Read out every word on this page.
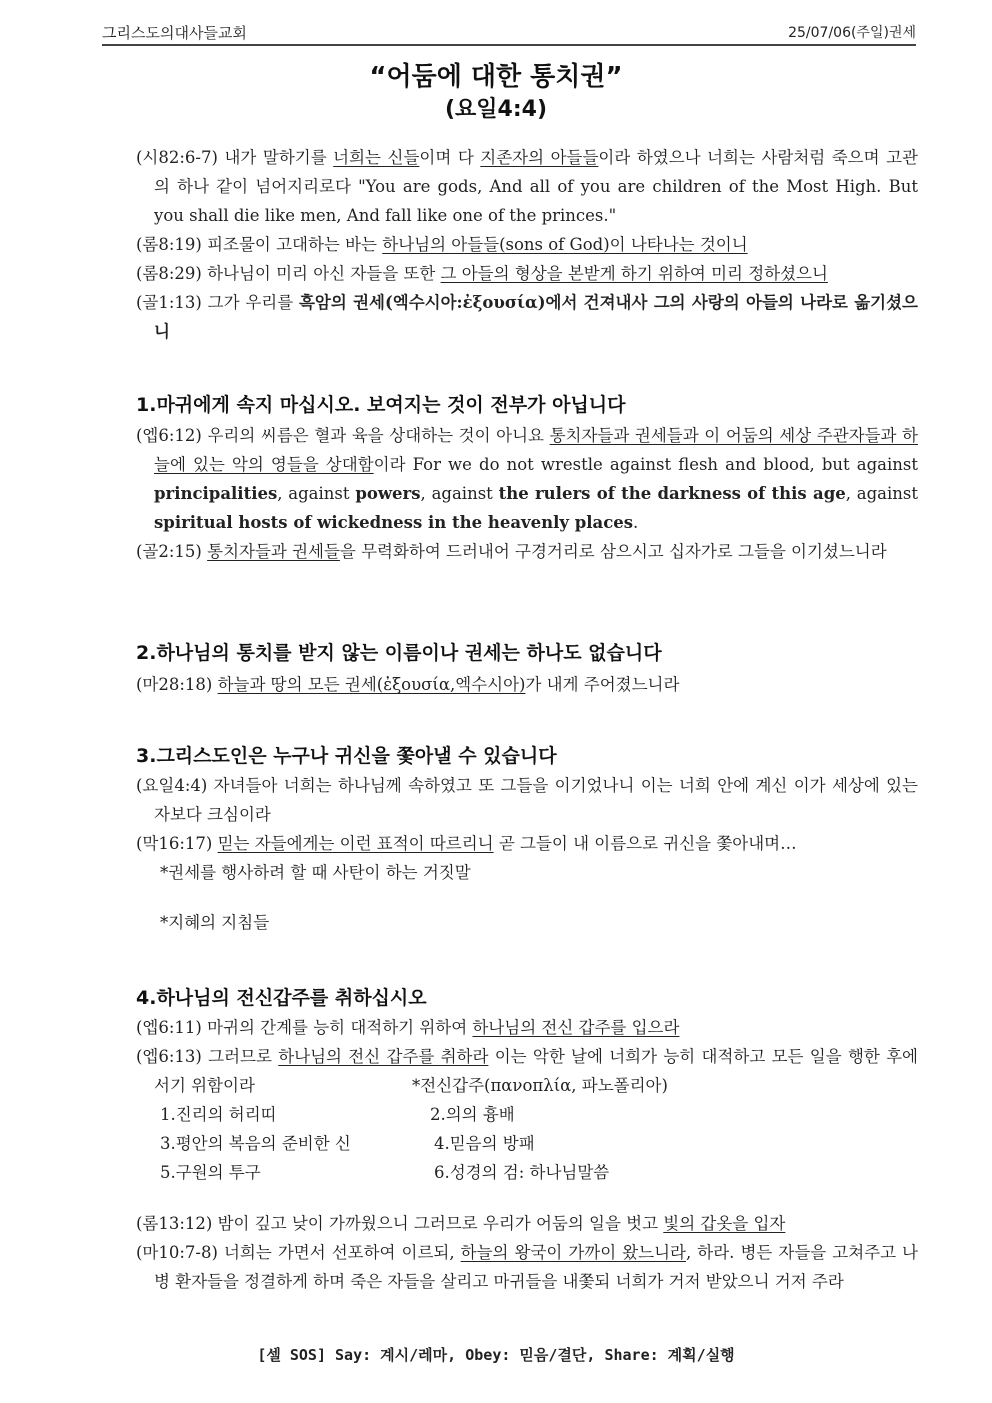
그리스도의대사들교회	25/07/06(주일)권세
“어둠에 대한 통치권”
(요일4:4)

(시82:6-7) 내가 말하기를 너희는 신들이며 다 지존자의 아들들이라 하였으나 너희는 사람처럼 죽으며 고관의 하나 같이 넘어지리로다 "You are gods, And all of you are children of the Most High. But you shall die like men, And fall like one of the princes."

(롬8:19) 피조물이 고대하는 바는 하나님의 아들들(sons of God)이 나타나는 것이니

(롬8:29) 하나님이 미리 아신 자들을 또한 그 아들의 형상을 본받게 하기 위하여 미리 정하셨으니

(골1:13) 그가 우리를 흑암의 권세(엑수시아:ἐξουσία)에서 건져내사 그의 사랑의 아들의 나라로 옮기셨으니

1.마귀에게 속지 마십시오. 보여지는 것이 전부가 아닙니다

(엡6:12) 우리의 씨름은 혈과 육을 상대하는 것이 아니요 통치자들과 권세들과 이 어둠의 세상 주관자들과 하늘에 있는 악의 영들을 상대함이라 For we do not wrestle against flesh and blood, but against principalities, against powers, against the rulers of the darkness of this age, against spiritual hosts of wickedness in the heavenly places.

(골2:15) 통치자들과 권세들을 무력화하여 드러내어 구경거리로 삼으시고 십자가로 그들을 이기셨느니라

2.하나님의 통치를 받지 않는 이름이나 권세는 하나도 없습니다

(마28:18) 하늘과 땅의 모든 권세(ἐξουσία,엑수시아)가 내게 주어졌느니라

3.그리스도인은 누구나 귀신을 쫓아낼 수 있습니다

(요일4:4) 자녀들아 너희는 하나님께 속하였고 또 그들을 이기었나니 이는 너희 안에 계신 이가 세상에 있는 자보다 크심이라

(막16:17) 믿는 자들에게는 이런 표적이 따르리니 곧 그들이 내 이름으로 귀신을 쫓아내며…

*권세를 행사하려 할 때 사탄이 하는 거짓말
*지혜의 지침들
4.하나님의 전신갑주를 취하십시오

(엡6:11) 마귀의 간계를 능히 대적하기 위하여 하나님의 전신 갑주를 입으라

(엡6:13) 그러므로 하나님의 전신 갑주를 취하라 이는 악한 날에 너희가 능히 대적하고 모든 일을 행한 후에 서기 위함이라	*전신갑주(πανοπλία, 파노폴리아)
1.진리의 허리띠	2.의의 흉배
3.평안의 복음의 준비한 신	4.믿음의 방패
5.구원의 투구	6.성경의 검: 하나님말씀

(롬13:12) 밤이 깊고 낮이 가까웠으니 그러므로 우리가 어둠의 일을 벗고 빛의 갑옷을 입자

(마10:7-8) 너희는 가면서 선포하여 이르되, 하늘의 왕국이 가까이 왔느니라, 하라. 병든 자들을 고쳐주고 나병 환자들을 정결하게 하며 죽은 자들을 살리고 마귀들을 내쫓되 너희가 거저 받았으니 거저 주라

[셀 SOS] Say: 계시/레마, Obey: 믿음/결단, Share: 계획/실행
